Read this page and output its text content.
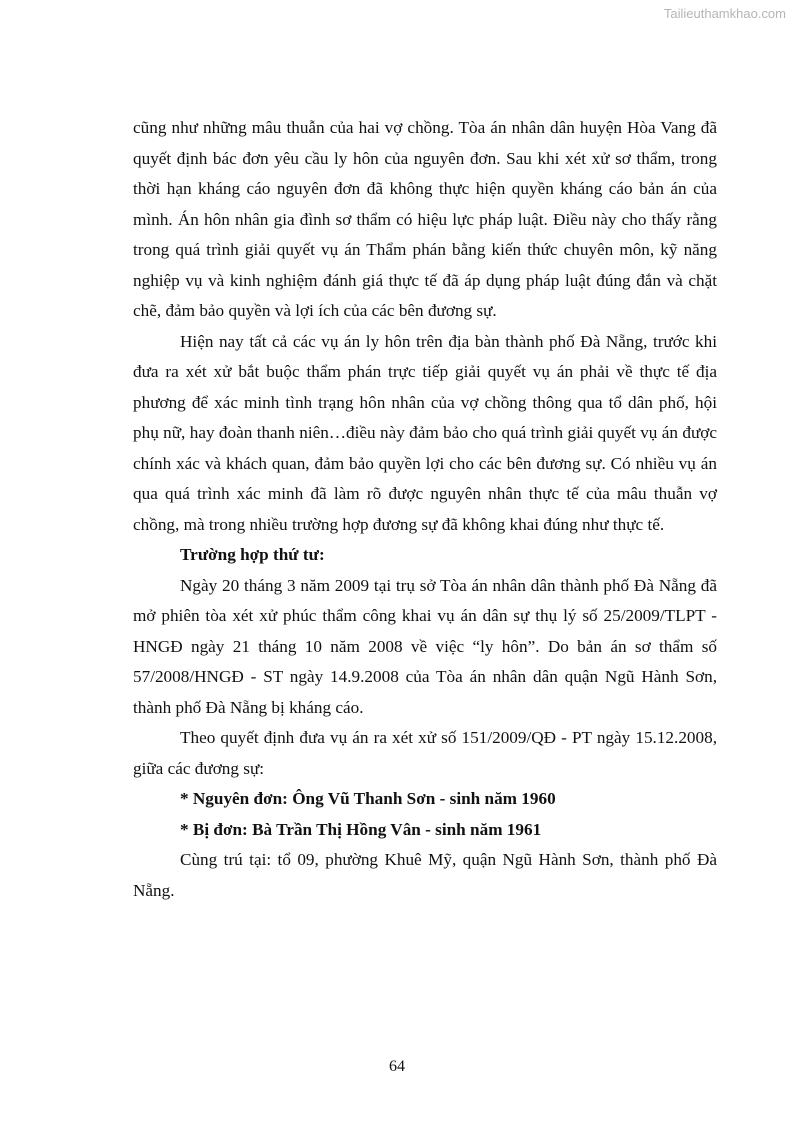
Tailieuthamkhao.com

cũng như những mâu thuẫn của hai vợ chồng. Tòa án nhân dân huyện Hòa Vang đã quyết định bác đơn yêu cầu ly hôn của nguyên đơn. Sau khi xét xử sơ thẩm, trong thời hạn kháng cáo nguyên đơn đã không thực hiện quyền kháng cáo bản án của mình. Án hôn nhân gia đình sơ thẩm có hiệu lực pháp luật. Điều này cho thấy rằng trong quá trình giải quyết vụ án Thẩm phán bằng kiến thức chuyên môn, kỹ năng nghiệp vụ và kinh nghiệm đánh giá thực tế đã áp dụng pháp luật đúng đắn và chặt chẽ, đảm bảo quyền và lợi ích của các bên đương sự.

Hiện nay tất cả các vụ án ly hôn trên địa bàn thành phố Đà Nẵng, trước khi đưa ra xét xử bắt buộc thẩm phán trực tiếp giải quyết vụ án phải về thực tế địa phương để xác minh tình trạng hôn nhân của vợ chồng thông qua tổ dân phố, hội phụ nữ, hay đoàn thanh niên…điều này đảm bảo cho quá trình giải quyết vụ án được chính xác và khách quan, đảm bảo quyền lợi cho các bên đương sự. Có nhiều vụ án qua quá trình xác minh đã làm rõ được nguyên nhân thực tế của mâu thuẫn vợ chồng, mà trong nhiều trường hợp đương sự đã không khai đúng như thực tế.

Trường hợp thứ tư:

Ngày 20 tháng 3 năm 2009 tại trụ sở Tòa án nhân dân thành phố Đà Nẵng đã mở phiên tòa xét xử phúc thẩm công khai vụ án dân sự thụ lý số 25/2009/TLPT - HNGĐ ngày 21 tháng 10 năm 2008 về việc “ly hôn”. Do bản án sơ thẩm số 57/2008/HNGĐ - ST ngày 14.9.2008 của Tòa án nhân dân quận Ngũ Hành Sơn, thành phố Đà Nẵng bị kháng cáo.

Theo quyết định đưa vụ án ra xét xử số 151/2009/QĐ - PT ngày 15.12.2008, giữa các đương sự:

* Nguyên đơn: Ông Vũ Thanh Sơn - sinh năm 1960

* Bị đơn: Bà Trần Thị Hồng Vân - sinh năm 1961

Cùng trú tại: tổ 09, phường Khuê Mỹ, quận Ngũ Hành Sơn, thành phố Đà Nẵng.

64
